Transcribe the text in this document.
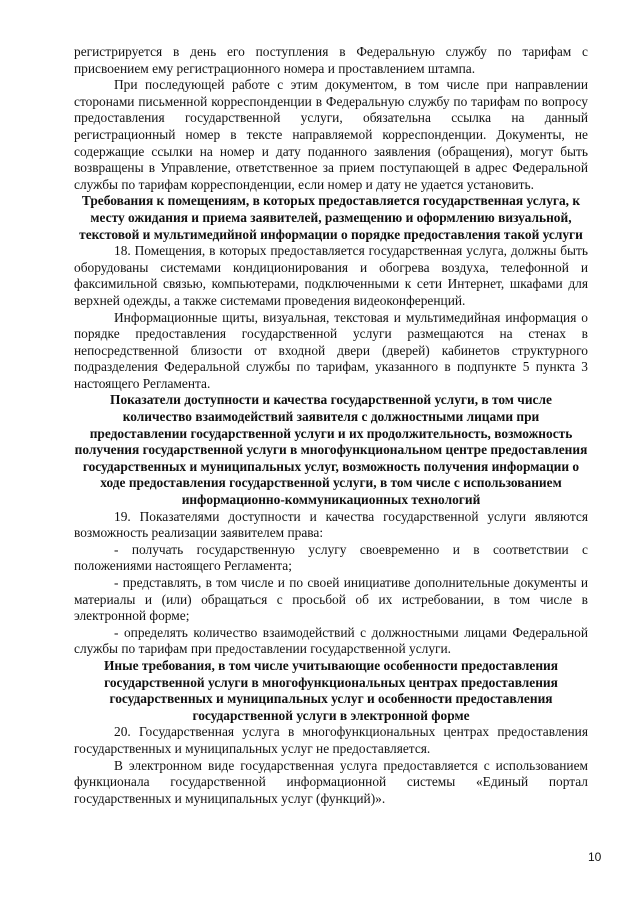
регистрируется в день его поступления в Федеральную службу по тарифам с присвоением ему регистрационного номера и проставлением штампа.

При последующей работе с этим документом, в том числе при направлении сторонами письменной корреспонденции в Федеральную службу по тарифам по вопросу предоставления государственной услуги, обязательна ссылка на данный регистрационный номер в тексте направляемой корреспонденции. Документы, не содержащие ссылки на номер и дату поданного заявления (обращения), могут быть возвращены в Управление, ответственное за прием поступающей в адрес Федеральной службы по тарифам корреспонденции, если номер и дату не удается установить.

Требования к помещениям, в которых предоставляется государственная услуга, к месту ожидания и приема заявителей, размещению и оформлению визуальной, текстовой и мультимедийной информации о порядке предоставления такой услуги

18. Помещения, в которых предоставляется государственная услуга, должны быть оборудованы системами кондиционирования и обогрева воздуха, телефонной и факсимильной связью, компьютерами, подключенными к сети Интернет, шкафами для верхней одежды, а также системами проведения видеоконференций.

Информационные щиты, визуальная, текстовая и мультимедийная информация о порядке предоставления государственной услуги размещаются на стенах в непосредственной близости от входной двери (дверей) кабинетов структурного подразделения Федеральной службы по тарифам, указанного в подпункте 5 пункта 3 настоящего Регламента.

Показатели доступности и качества государственной услуги, в том числе количество взаимодействий заявителя с должностными лицами при предоставлении государственной услуги и их продолжительность, возможность получения государственной услуги в многофункциональном центре предоставления государственных и муниципальных услуг, возможность получения информации о ходе предоставления государственной услуги, в том числе с использованием информационно-коммуникационных технологий

19. Показателями доступности и качества государственной услуги являются возможность реализации заявителем права:

- получать государственную услугу своевременно и в соответствии с положениями настоящего Регламента;

- представлять, в том числе и по своей инициативе дополнительные документы и материалы и (или) обращаться с просьбой об их истребовании, в том числе в электронной форме;

- определять количество взаимодействий с должностными лицами Федеральной службы по тарифам при предоставлении государственной услуги.

Иные требования, в том числе учитывающие особенности предоставления государственной услуги в многофункциональных центрах предоставления государственных и муниципальных услуг и особенности предоставления государственной услуги в электронной форме

20. Государственная услуга в многофункциональных центрах предоставления государственных и муниципальных услуг не предоставляется.

В электронном виде государственная услуга предоставляется с использованием функционала государственной информационной системы «Единый портал государственных и муниципальных услуг (функций)».

10
